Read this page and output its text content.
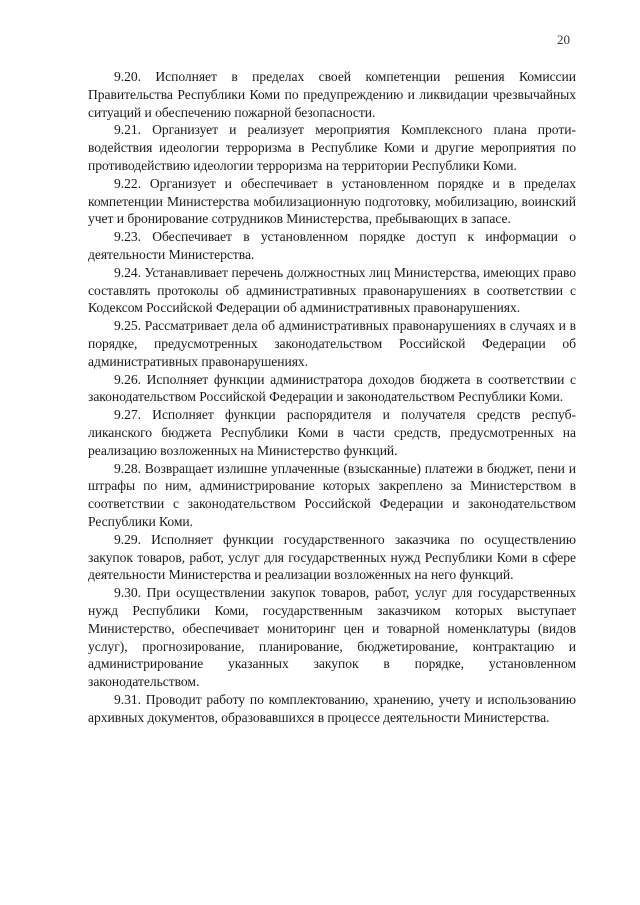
20

9.20. Исполняет в пределах своей компетенции решения Комиссии Правительства Республики Коми по предупреждению и ликвидации чрезвычайных ситуаций и обеспечению пожарной безопасности.

9.21. Организует и реализует мероприятия Комплексного плана противодействия идеологии терроризма в Республике Коми и другие мероприятия по противодействию идеологии терроризма на территории Республики Коми.

9.22. Организует и обеспечивает в установленном порядке и в пределах компетенции Министерства мобилизационную подготовку, мобилизацию, воинский учет и бронирование сотрудников Министерства, пребывающих в запасе.

9.23. Обеспечивает в установленном порядке доступ к информации о деятельности Министерства.

9.24. Устанавливает перечень должностных лиц Министерства, имеющих право составлять протоколы об административных правонарушениях в соответствии с Кодексом Российской Федерации об административных правонарушениях.

9.25. Рассматривает дела об административных правонарушениях в случаях и в порядке, предусмотренных законодательством Российской Федерации об административных правонарушениях.

9.26. Исполняет функции администратора доходов бюджета в соответствии с законодательством Российской Федерации и законодательством Республики Коми.

9.27. Исполняет функции распорядителя и получателя средств республиканского бюджета Республики Коми в части средств, предусмотренных на реализацию возложенных на Министерство функций.

9.28. Возвращает излишне уплаченные (взысканные) платежи в бюджет, пени и штрафы по ним, администрирование которых закреплено за Министерством в соответствии с законодательством Российской Федерации и законодательством Республики Коми.

9.29. Исполняет функции государственного заказчика по осуществлению закупок товаров, работ, услуг для государственных нужд Республики Коми в сфере деятельности Министерства и реализации возложенных на него функций.

9.30. При осуществлении закупок товаров, работ, услуг для государственных нужд Республики Коми, государственным заказчиком которых выступает Министерство, обеспечивает мониторинг цен и товарной номенклатуры (видов услуг), прогнозирование, планирование, бюджетирование, контрактацию и администрирование указанных закупок в порядке, установленном законодательством.

9.31. Проводит работу по комплектованию, хранению, учету и использованию архивных документов, образовавшихся в процессе деятельности Министерства.
